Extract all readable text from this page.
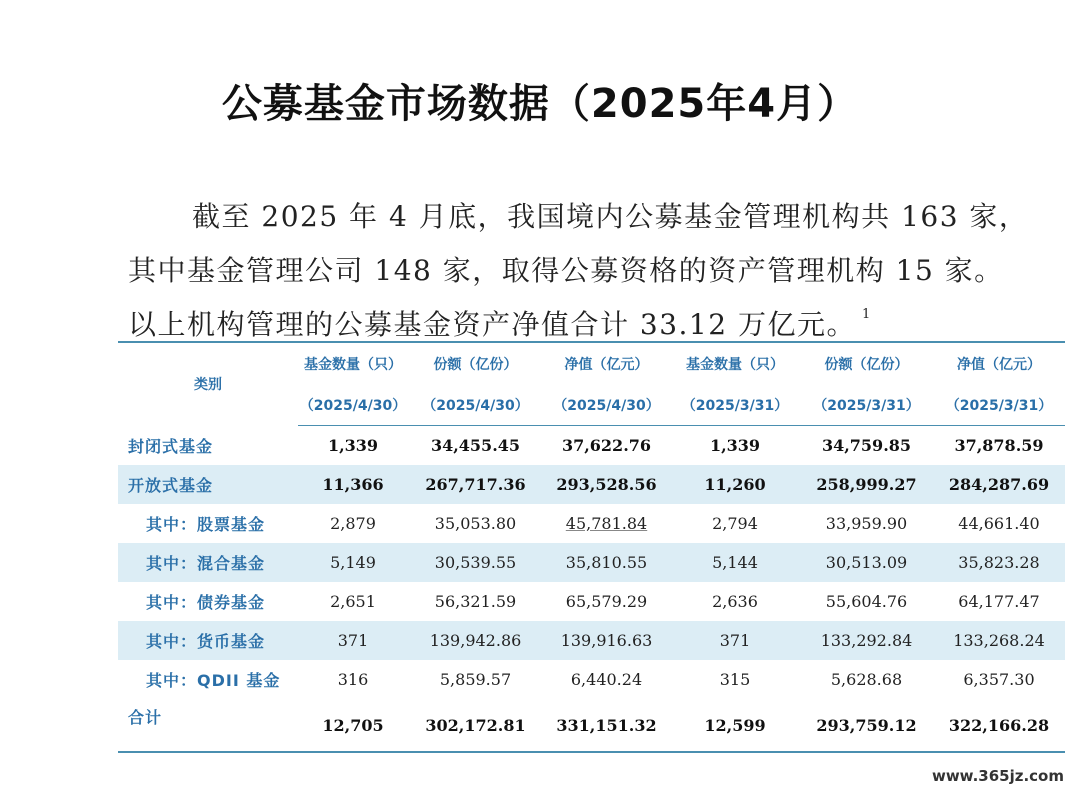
公募基金市场数据（2025年4月）
截至 2025 年 4 月底，我国境内公募基金管理机构共 163 家，
其中基金管理公司 148 家，取得公募资格的资产管理机构 15 家。
以上机构管理的公募基金资产净值合计 33.12 万亿元。 $^1$
类别	基金数量（只）	份额（亿份）	净值（亿元）	基金数量（只）	份额（亿份）	净值（亿元）
	（2025/4/30）	（2025/4/30）	（2025/4/30）	（2025/3/31）	（2025/3/31）	（2025/3/31）
封闭式基金	1,339	34,455.45	37,622.76	1,339	34,759.85	37,878.59
开放式基金	11,366	267,717.36	293,528.56	11,260	258,999.27	284,287.69
其中：股票基金	2,879	35,053.80	45,781.84	2,794	33,959.90	44,661.40
其中：混合基金	5,149	30,539.55	35,810.55	5,144	30,513.09	35,823.28
其中：债券基金	2,651	56,321.59	65,579.29	2,636	55,604.76	64,177.47
其中：货币基金	371	139,942.86	139,916.63	371	133,292.84	133,268.24
其中：QDII 基金	316	5,859.57	6,440.24	315	5,628.68	6,357.30
合计	12,705	302,172.81	331,151.32	12,599	293,759.12	322,166.28
www.365jz.com
